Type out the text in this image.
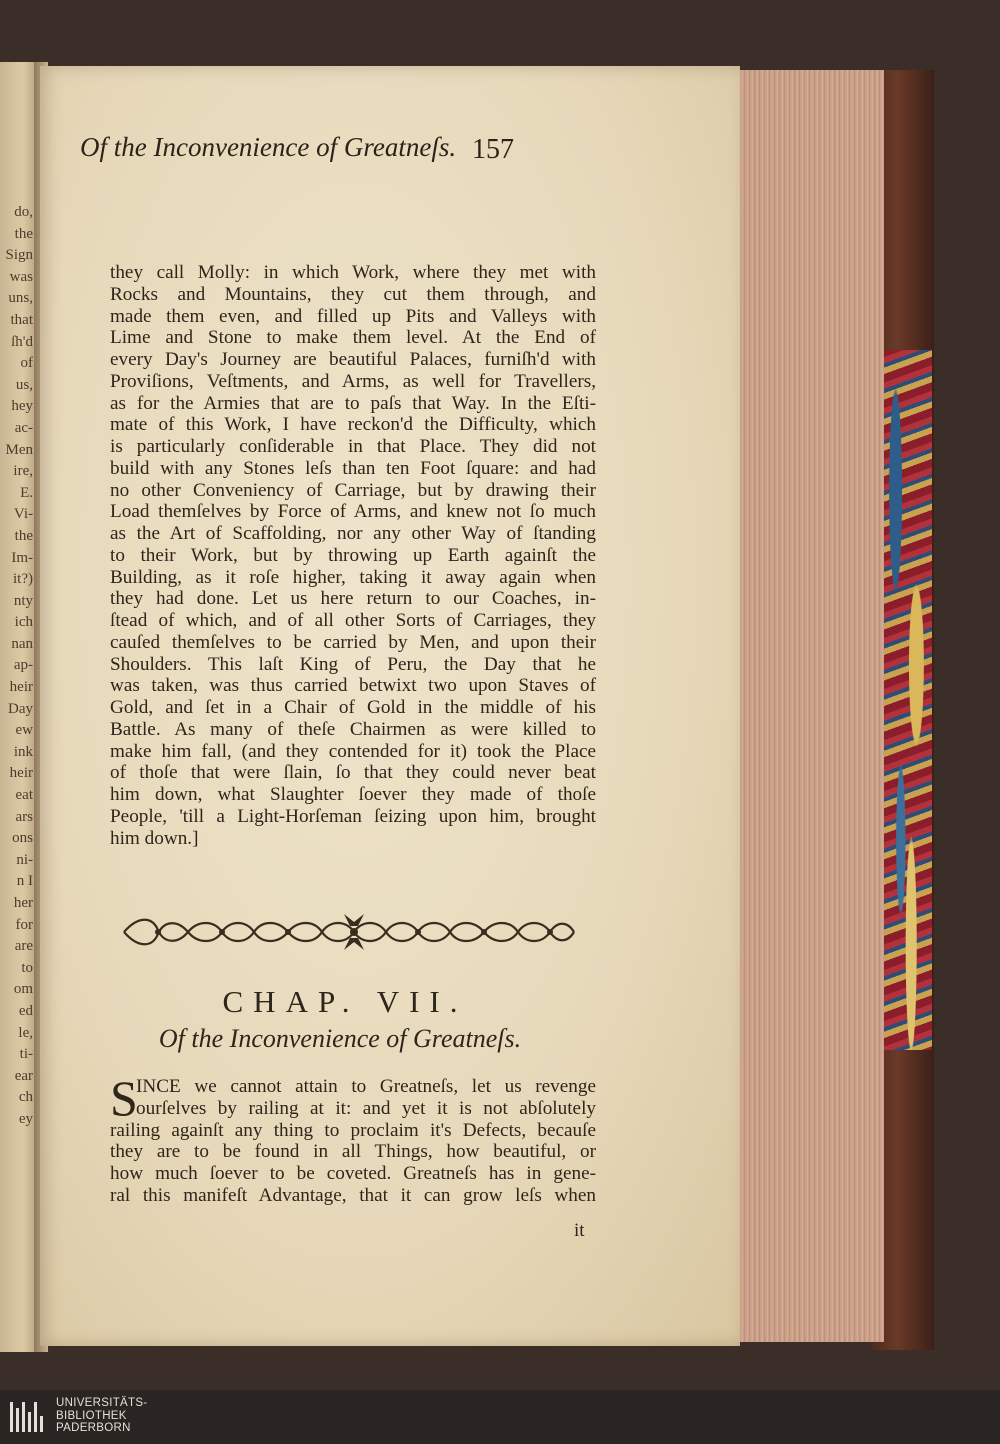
do,
the
Sign
was
uns,
that
ſh'd
of
us,
hey
ac-
Men
ire,
E.
Vi-
the
Im-
it?)
nty
ich
nan
ap-
heir
Day
ew
ink
heir
eat
ars
ons
ni-
n I
her
for
are
to
om
ed
le,
ti-
ear
ch
ey
Of the Inconvenience of Greatneſs. 157
they call Molly: in which Work, where they met with
Rocks and Mountains, they cut them through, and
made them even, and filled up Pits and Valleys with
Lime and Stone to make them level. At the End of
every Day's Journey are beautiful Palaces, furniſh'd with
Proviſions, Veſtments, and Arms, as well for Travellers,
as for the Armies that are to paſs that Way. In the Eſti-
mate of this Work, I have reckon'd the Difficulty, which
is particularly conſiderable in that Place. They did not
build with any Stones leſs than ten Foot ſquare: and had
no other Conveniency of Carriage, but by drawing their
Load themſelves by Force of Arms, and knew not ſo much
as the Art of Scaffolding, nor any other Way of ſtanding
to their Work, but by throwing up Earth againſt the
Building, as it roſe higher, taking it away again when
they had done. Let us here return to our Coaches, in-
ſtead of which, and of all other Sorts of Carriages, they
cauſed themſelves to be carried by Men, and upon their
Shoulders. This laſt King of Peru, the Day that he
was taken, was thus carried betwixt two upon Staves of
Gold, and ſet in a Chair of Gold in the middle of his
Battle. As many of theſe Chairmen as were killed to
make him fall, (and they contended for it) took the Place
of thoſe that were ſlain, ſo that they could never beat
him down, what Slaughter ſoever they made of thoſe
People, 'till a Light-Horſeman ſeizing upon him, brought
him down.]
CHAP. VII.
Of the Inconvenience of Greatneſs.
S
INCE we cannot attain to Greatneſs, let us revenge
ourſelves by railing at it: and yet it is not abſolutely
railing againſt any thing to proclaim it's Defects, becauſe
they are to be found in all Things, how beautiful, or
how much ſoever to be coveted. Greatneſs has in gene-
ral this manifeſt Advantage, that it can grow leſs when
it
UNIVERSITÄTS-
BIBLIOTHEK
PADERBORN
